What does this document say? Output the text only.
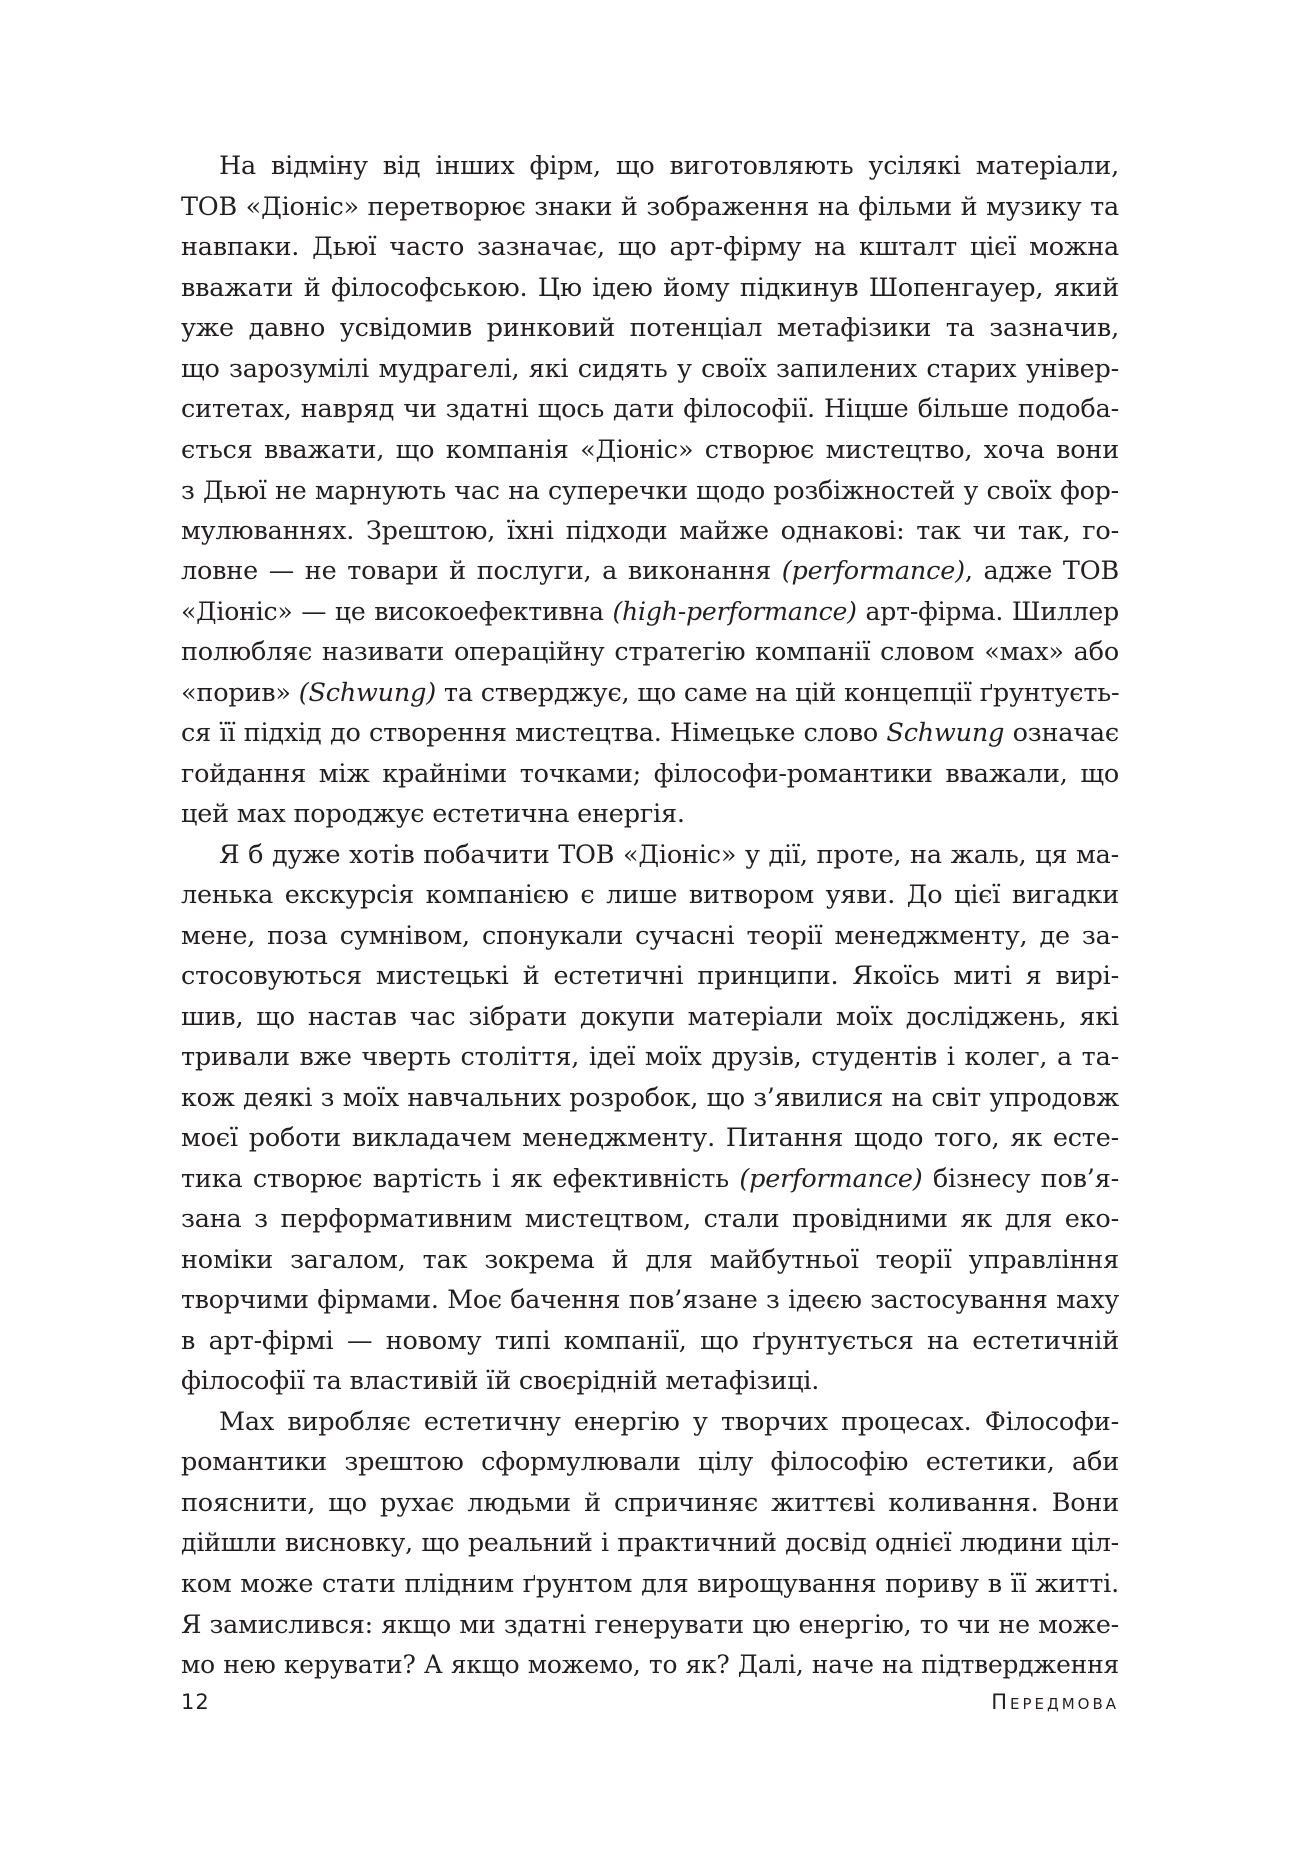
На відміну від інших фірм, що виготовляють усілякі матеріали,
ТОВ «Діоніс» перетворює знаки й зображення на фільми й музику та
навпаки. Дьюї часто зазначає, що арт-фірму на кшталт цієї можна
вважати й філософською. Цю ідею йому підкинув Шопенгауер, який
уже давно усвідомив ринковий потенціал метафізики та зазначив,
що зарозумілі мудрагелі, які сидять у своїх запилених старих універ-
ситетах, навряд чи здатні щось дати філософії. Ніцше більше подоба-
ється вважати, що компанія «Діоніс» створює мистецтво, хоча вони
з Дьюї не марнують час на суперечки щодо розбіжностей у своїх фор-
мулюваннях. Зрештою, їхні підходи майже однакові: так чи так, го-
ловне — не товари й послуги, а виконання (performance), адже ТОВ
«Діоніс» — це високоефективна (high-performance) арт-фірма. Шиллер
полюбляє називати операційну стратегію компанії словом «мах» або
«порив» (Schwung) та стверджує, що саме на цій концепції ґрунтуєть-
ся її підхід до створення мистецтва. Німецьке слово Schwung означає
гойдання між крайніми точками; філософи-романтики вважали, що
цей мах породжує естетична енергія.
Я б дуже хотів побачити ТОВ «Діоніс» у дії, проте, на жаль, ця ма-
ленька екскурсія компанією є лише витвором уяви. До цієї вигадки
мене, поза сумнівом, спонукали сучасні теорії менеджменту, де за-
стосовуються мистецькі й естетичні принципи. Якоїсь миті я вирі-
шив, що настав час зібрати докупи матеріали моїх досліджень, які
тривали вже чверть століття, ідеї моїх друзів, студентів і колег, а та-
кож деякі з моїх навчальних розробок, що з’явилися на світ упродовж
моєї роботи викладачем менеджменту. Питання щодо того, як есте-
тика створює вартість і як ефективність (performance) бізнесу пов’я-
зана з перформативним мистецтвом, стали провідними як для еко-
номіки загалом, так зокрема й для майбутньої теорії управління
творчими фірмами. Моє бачення пов’язане з ідеєю застосування маху
в арт-фірмі — новому типі компанії, що ґрунтується на естетичній
філософії та властивій їй своєрідній метафізиці.
Мах виробляє естетичну енергію у творчих процесах. Філософи-
романтики зрештою сформулювали цілу філософію естетики, аби
пояснити, що рухає людьми й спричиняє життєві коливання. Вони
дійшли висновку, що реальний і практичний досвід однієї людини ціл-
ком може стати плідним ґрунтом для вирощування пориву в її житті.
Я замислився: якщо ми здатні генерувати цю енергію, то чи не може-
мо нею керувати? А якщо можемо, то як? Далі, наче на підтвердження
12	Передмова
